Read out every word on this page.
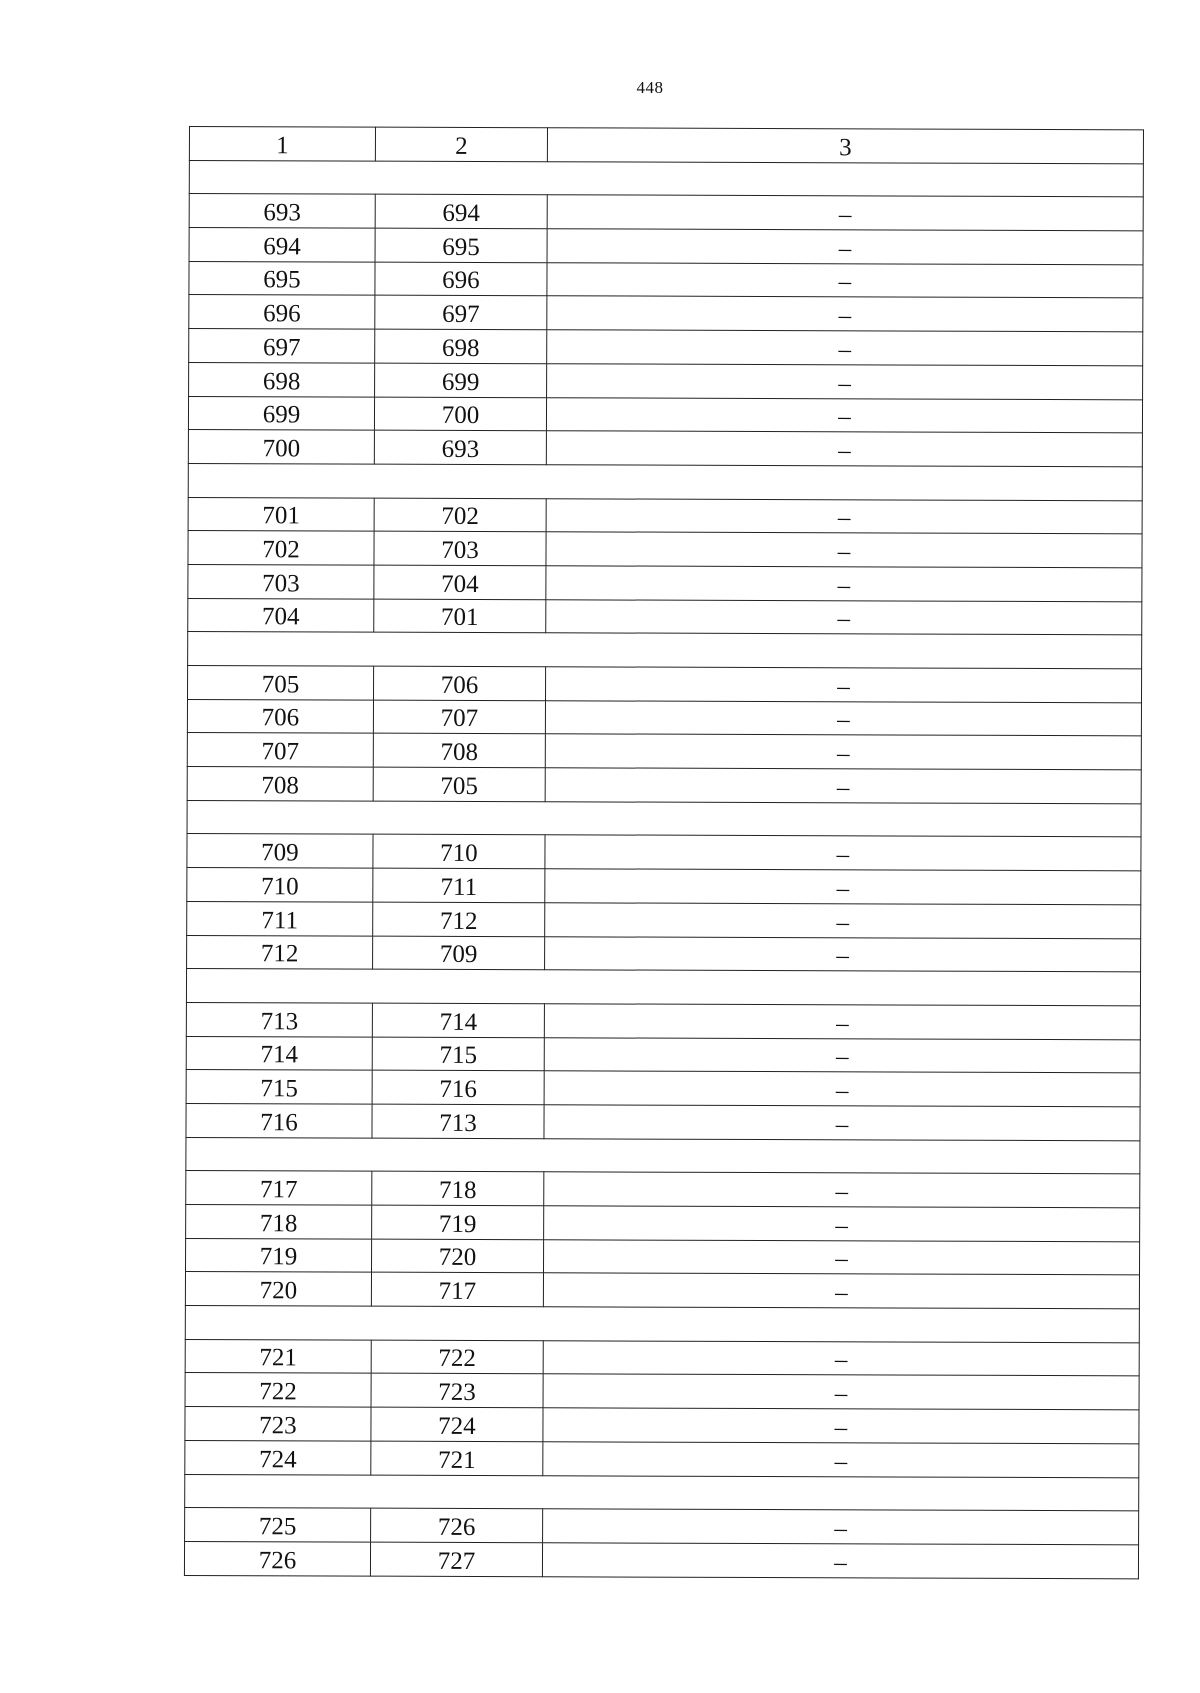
448
1	2	3

693	694	–
694	695	–
695	696	–
696	697	–
697	698	–
698	699	–
699	700	–
700	693	–

701	702	–
702	703	–
703	704	–
704	701	–

705	706	–
706	707	–
707	708	–
708	705	–

709	710	–
710	711	–
711	712	–
712	709	–

713	714	–
714	715	–
715	716	–
716	713	–

717	718	–
718	719	–
719	720	–
720	717	–

721	722	–
722	723	–
723	724	–
724	721	–

725	726	–
726	727	–
